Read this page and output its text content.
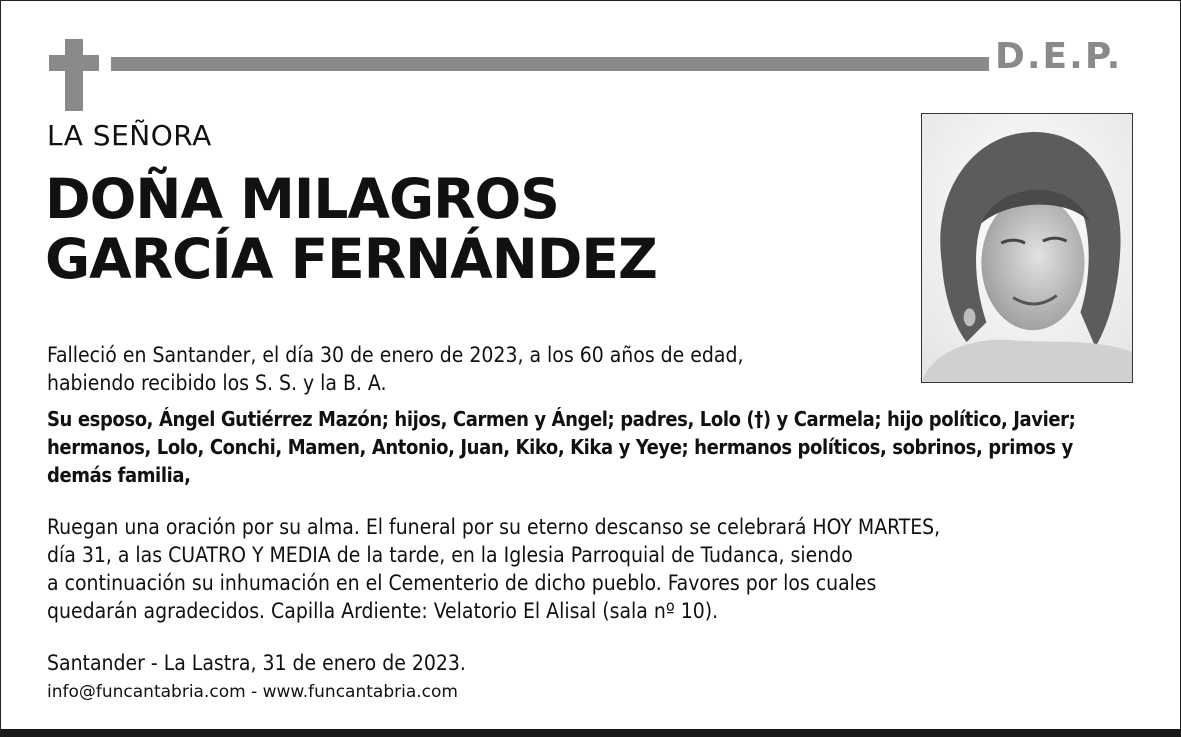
D.E.P.
LA SEÑORA
DOÑA MILAGROS
GARCÍA FERNÁNDEZ

Falleció en Santander, el día 30 de enero de 2023, a los 60 años de edad,
habiendo recibido los S. S. y la B. A.

Su esposo, Ángel Gutiérrez Mazón; hijos, Carmen y Ángel; padres, Lolo (†) y Carmela; hijo político, Javier; hermanos, Lolo, Conchi, Mamen, Antonio, Juan, Kiko, Kika y Yeye; hermanos políticos, sobrinos, primos y demás familia,

Ruegan una oración por su alma. El funeral por su eterno descanso se celebrará HOY MARTES,
día 31, a las CUATRO Y MEDIA de la tarde, en la Iglesia Parroquial de Tudanca, siendo
a continuación su inhumación en el Cementerio de dicho pueblo. Favores por los cuales
quedarán agradecidos. Capilla Ardiente: Velatorio El Alisal (sala nº 10).

Santander - La Lastra, 31 de enero de 2023.

info@funcantabria.com - www.funcantabria.com
